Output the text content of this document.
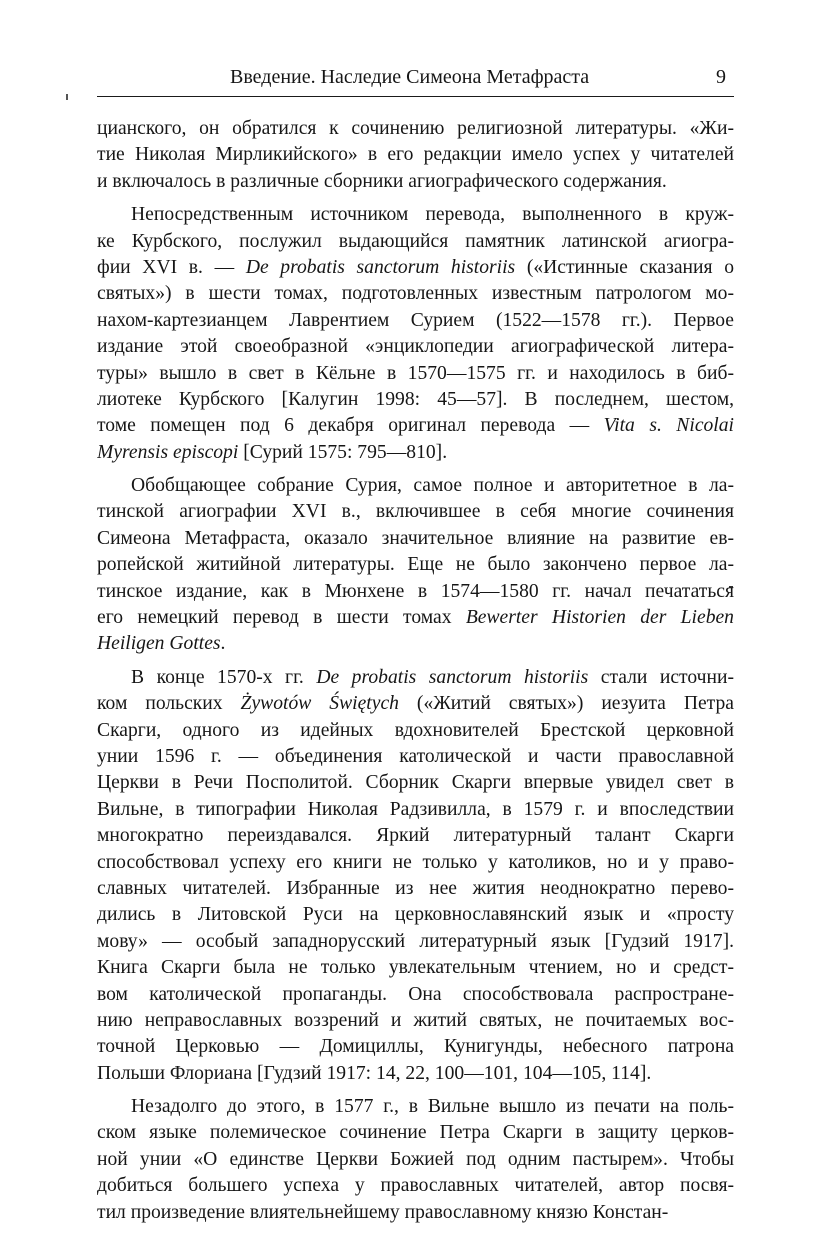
Введение. Наследие Симеона Метафраста	9
цианского, он обратился к сочинению религиозной литературы. «Жи-
тие Николая Мирликийского» в его редакции имело успех у читателей
и включалось в различные сборники агиографического содержания.
Непосредственным источником перевода, выполненного в круж-
ке Курбского, послужил выдающийся памятник латинской агиогра-
фии XVI в. — De probatis sanctorum historiis («Истинные сказания о
святых») в шести томах, подготовленных известным патрологом мо-
нахом-картезианцем Лаврентием Сурием (1522—1578 гг.). Первое
издание этой своеобразной «энциклопедии агиографической литера-
туры» вышло в свет в Кёльне в 1570—1575 гг. и находилось в биб-
лиотеке Курбского [Калугин 1998: 45—57]. В последнем, шестом,
томе помещен под 6 декабря оригинал перевода — Vita s. Nicolai
Myrensis episcopi [Сурий 1575: 795—810].
Обобщающее собрание Сурия, самое полное и авторитетное в ла-
тинской агиографии XVI в., включившее в себя многие сочинения
Симеона Метафраста, оказало значительное влияние на развитие ев-
ропейской житийной литературы. Еще не было закончено первое ла-
тинское издание, как в Мюнхене в 1574—1580 гг. начал печататься
его немецкий перевод в шести томах Bewerter Historien der Lieben
Heiligen Gottes.
В конце 1570-х гг. De probatis sanctorum historiis стали источни-
ком польских Żywotów Świętych («Житий святых») иезуита Петра
Скарги, одного из идейных вдохновителей Брестской церковной
унии 1596 г. — объединения католической и части православной
Церкви в Речи Посполитой. Сборник Скарги впервые увидел свет в
Вильне, в типографии Николая Радзивилла, в 1579 г. и впоследствии
многократно переиздавался. Яркий литературный талант Скарги
способствовал успеху его книги не только у католиков, но и у право-
славных читателей. Избранные из нее жития неоднократно перево-
дились в Литовской Руси на церковнославянский язык и «просту
мову» — особый западнорусский литературный язык [Гудзий 1917].
Книга Скарги была не только увлекательным чтением, но и средст-
вом католической пропаганды. Она способствовала распростране-
нию неправославных воззрений и житий святых, не почитаемых вос-
точной Церковью — Домициллы, Кунигунды, небесного патрона
Польши Флориана [Гудзий 1917: 14, 22, 100—101, 104—105, 114].
Незадолго до этого, в 1577 г., в Вильне вышло из печати на поль-
ском языке полемическое сочинение Петра Скарги в защиту церков-
ной унии «О единстве Церкви Божией под одним пастырем». Чтобы
добиться большего успеха у православных читателей, автор посвя-
тил произведение влиятельнейшему православному князю Констан-
